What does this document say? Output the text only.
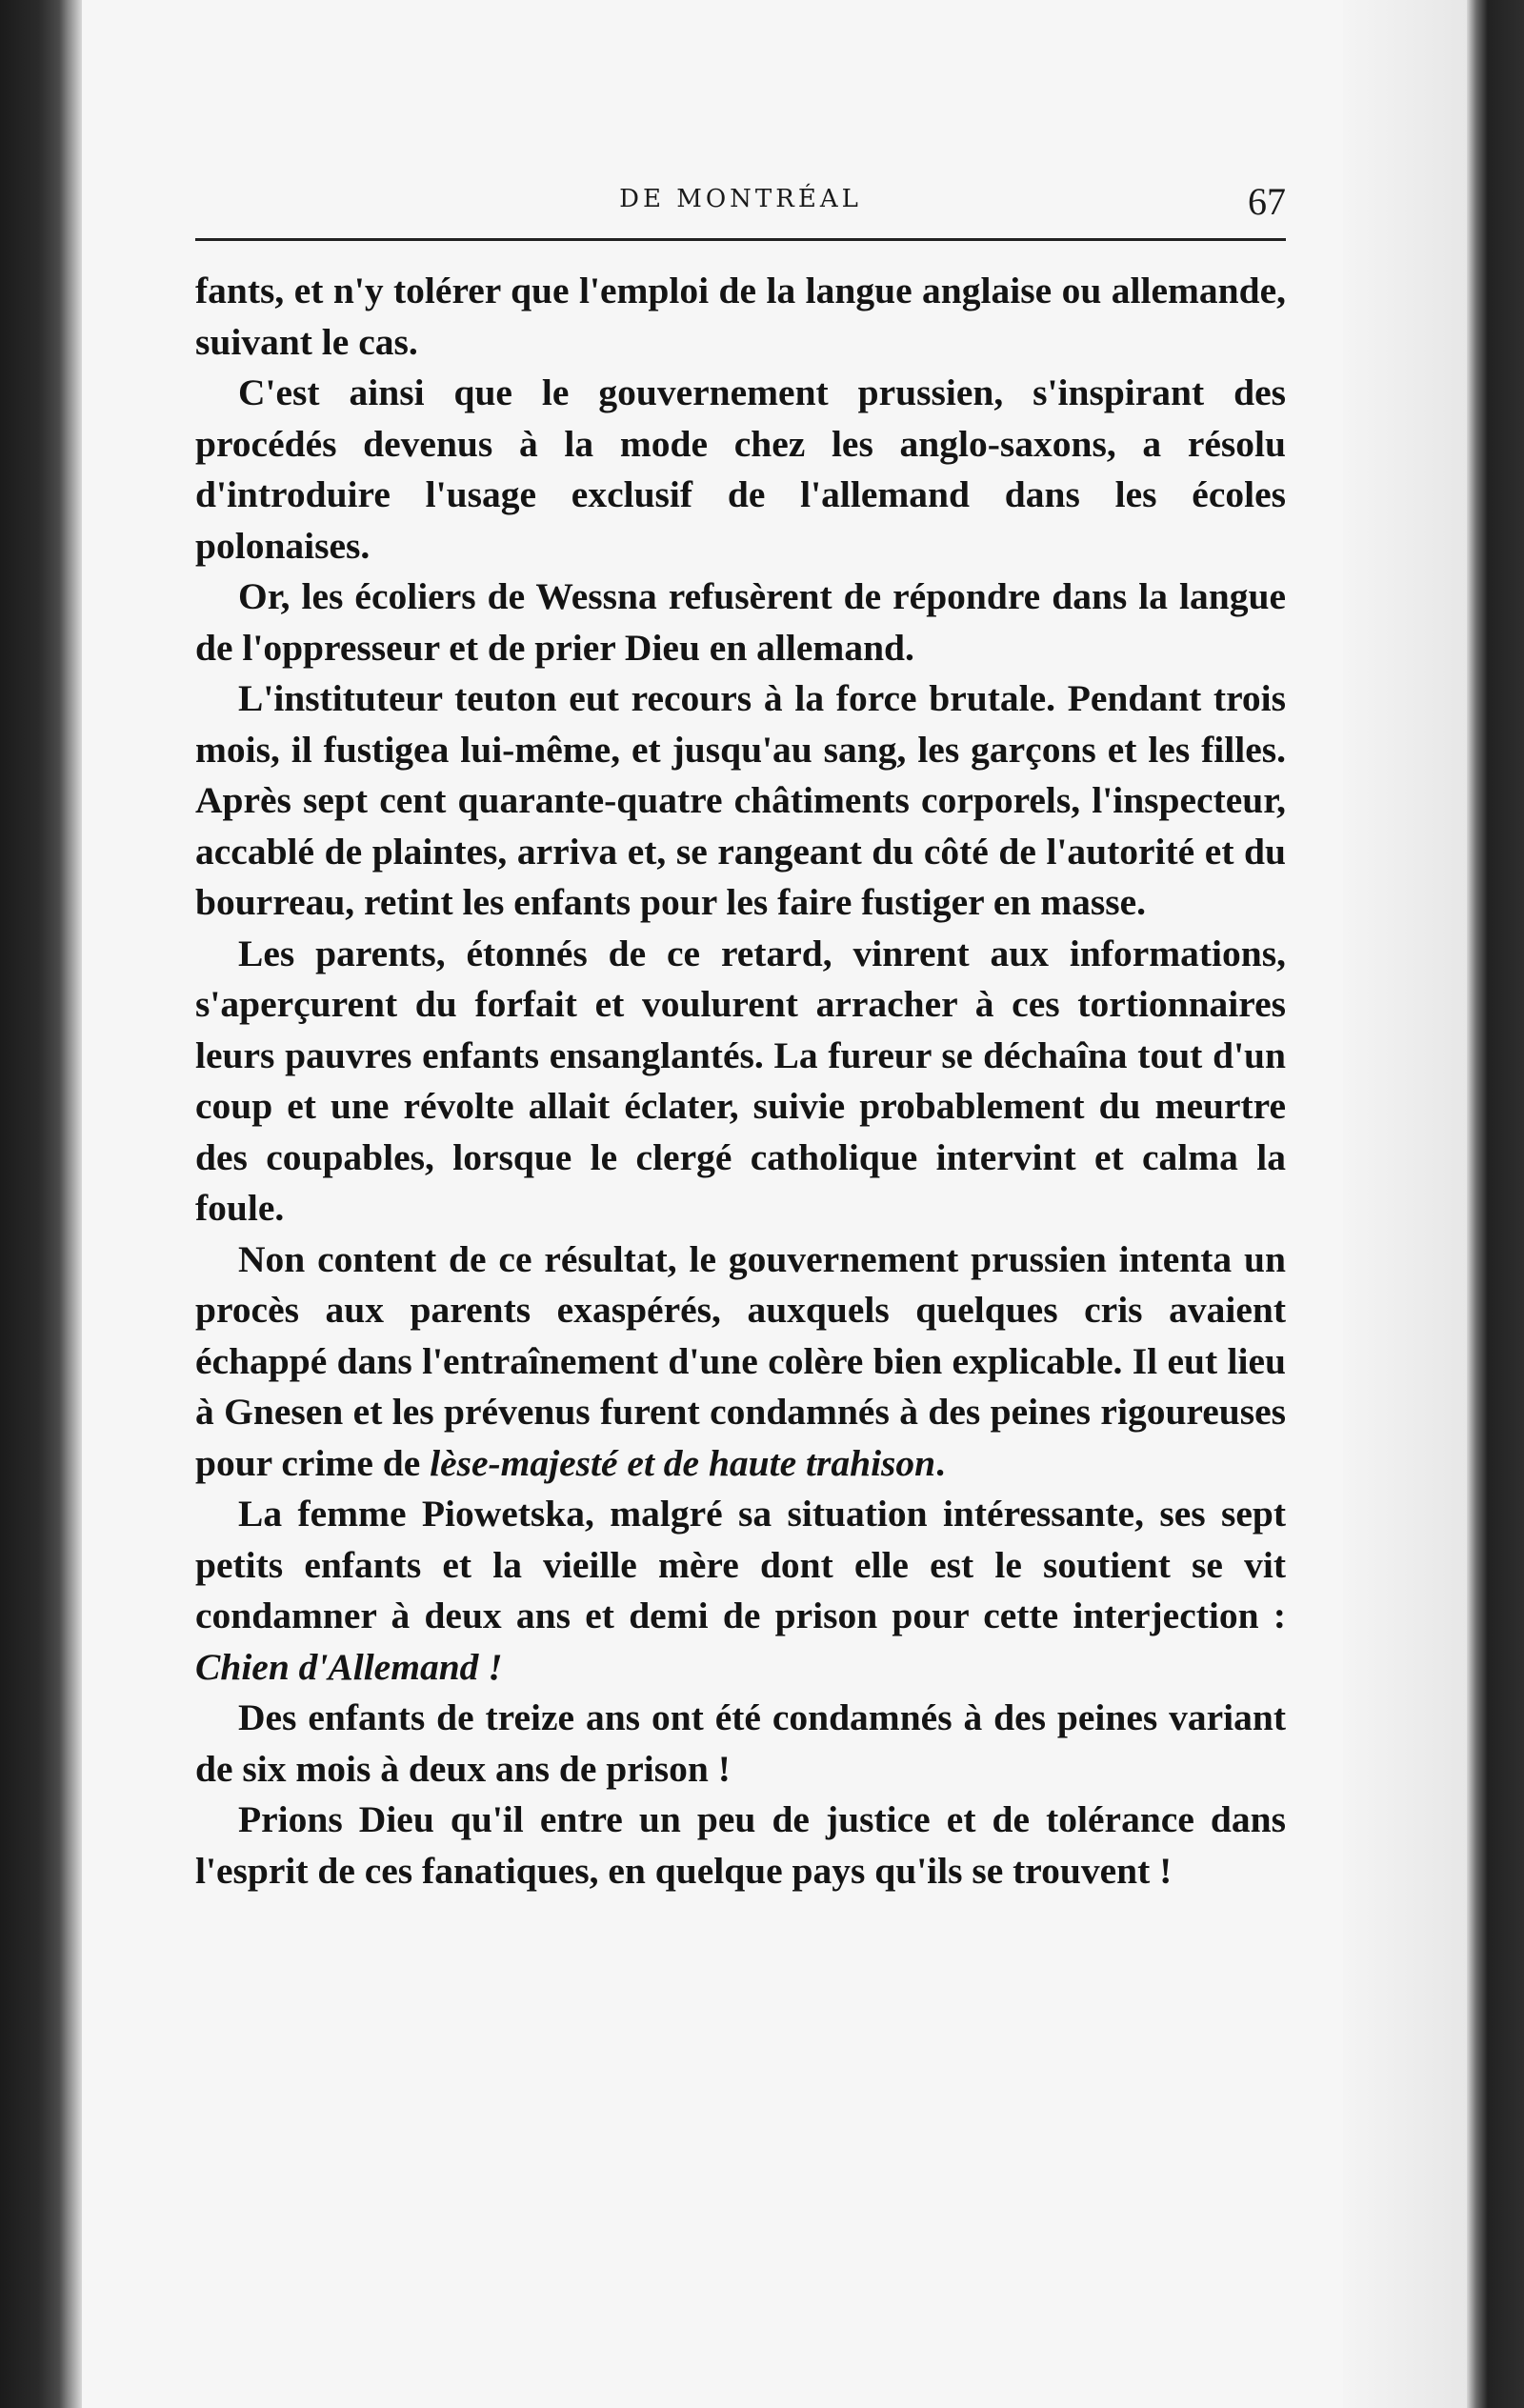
DE MONTRÉAL	67

fants, et n'y tolérer que l'emploi de la langue anglaise ou allemande, suivant le cas.

C'est ainsi que le gouvernement prussien, s'inspirant des procédés devenus à la mode chez les anglo-saxons, a résolu d'introduire l'usage exclusif de l'allemand dans les écoles polonaises.

Or, les écoliers de Wessna refusèrent de répondre dans la langue de l'oppresseur et de prier Dieu en allemand.

L'instituteur teuton eut recours à la force brutale. Pendant trois mois, il fustigea lui-même, et jusqu'au sang, les garçons et les filles. Après sept cent quarante-quatre châtiments corporels, l'inspecteur, accablé de plaintes, arriva et, se rangeant du côté de l'autorité et du bourreau, retint les enfants pour les faire fustiger en masse.

Les parents, étonnés de ce retard, vinrent aux informations, s'aperçurent du forfait et voulurent arracher à ces tortionnaires leurs pauvres enfants ensanglantés. La fureur se déchaîna tout d'un coup et une révolte allait éclater, suivie probablement du meurtre des coupables, lorsque le clergé catholique intervint et calma la foule.

Non content de ce résultat, le gouvernement prussien intenta un procès aux parents exaspérés, auxquels quelques cris avaient échappé dans l'entraînement d'une colère bien explicable. Il eut lieu à Gnesen et les prévenus furent condamnés à des peines rigoureuses pour crime de lèse-majesté et de haute trahison.

La femme Piowetska, malgré sa situation intéressante, ses sept petits enfants et la vieille mère dont elle est le soutient se vit condamner à deux ans et demi de prison pour cette interjection : Chien d'Allemand !

Des enfants de treize ans ont été condamnés à des peines variant de six mois à deux ans de prison !

Prions Dieu qu'il entre un peu de justice et de tolérance dans l'esprit de ces fanatiques, en quelque pays qu'ils se trouvent !
